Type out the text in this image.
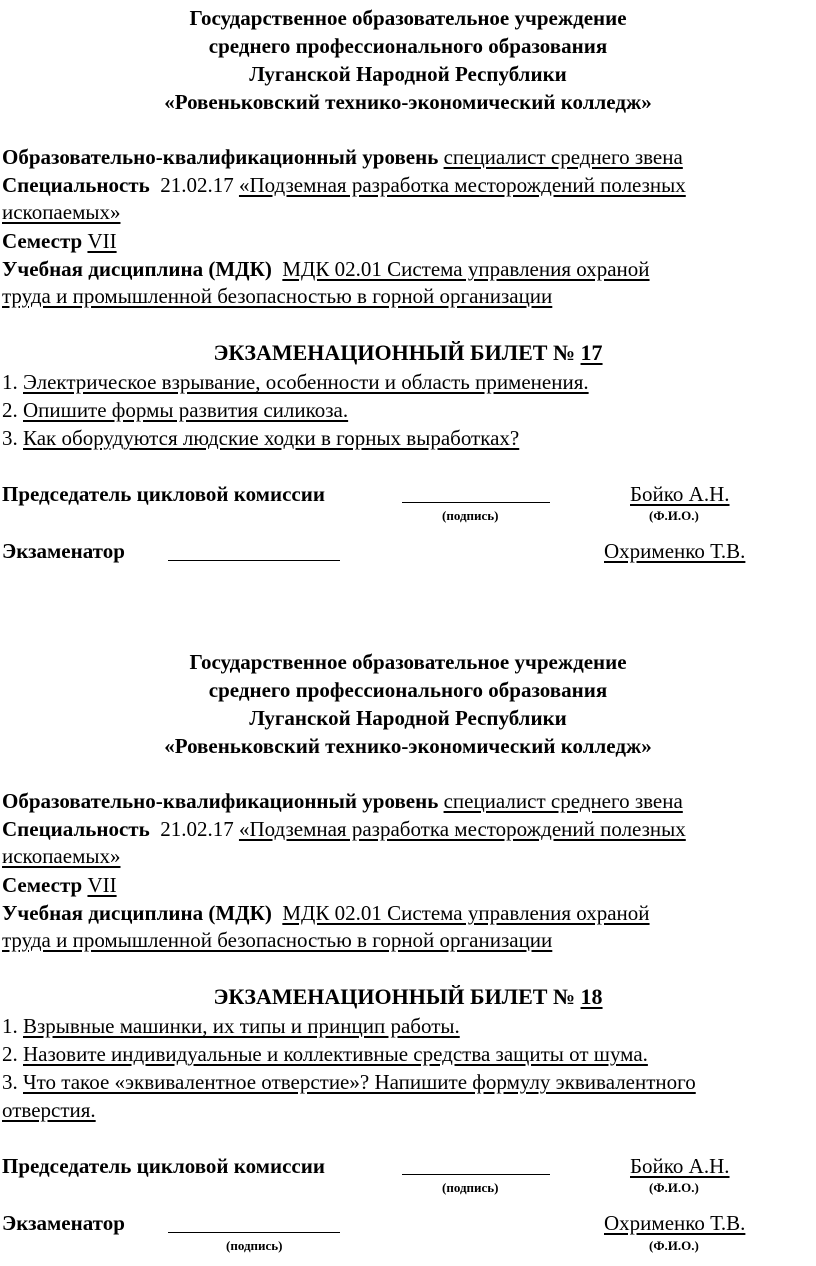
Государственное образовательное учреждение
среднего профессионального образования
Луганской Народной Республики
«Ровеньковский технико-экономический колледж»
Образовательно-квалификационный уровень специалист среднего звена
Специальность 21.02.17 «Подземная разработка месторождений полезных
ископаемых»
Семестр VII
Учебная дисциплина (МДК) МДК 02.01 Система управления охраной
труда и промышленной безопасностью в горной организации
ЭКЗАМЕНАЦИОННЫЙ БИЛЕТ № 17
1. Электрическое взрывание, особенности и область применения.
2. Опишите формы развития силикоза.
3. Как оборудуются людские ходки в горных выработках?
Председатель цикловой комиссии	Бойко А.Н.
(подпись)	(Ф.И.О.)
Экзаменатор	Охрименко Т.В.
Государственное образовательное учреждение
среднего профессионального образования
Луганской Народной Республики
«Ровеньковский технико-экономический колледж»
Образовательно-квалификационный уровень специалист среднего звена
Специальность 21.02.17 «Подземная разработка месторождений полезных
ископаемых»
Семестр VII
Учебная дисциплина (МДК) МДК 02.01 Система управления охраной
труда и промышленной безопасностью в горной организации
ЭКЗАМЕНАЦИОННЫЙ БИЛЕТ № 18
1. Взрывные машинки, их типы и принцип работы.
2. Назовите индивидуальные и коллективные средства защиты от шума.
3. Что такое «эквивалентное отверстие»? Напишите формулу эквивалентного
отверстия.
Председатель цикловой комиссии	Бойко А.Н.
(подпись)	(Ф.И.О.)
Экзаменатор	Охрименко Т.В.
(подпись)	(Ф.И.О.)
